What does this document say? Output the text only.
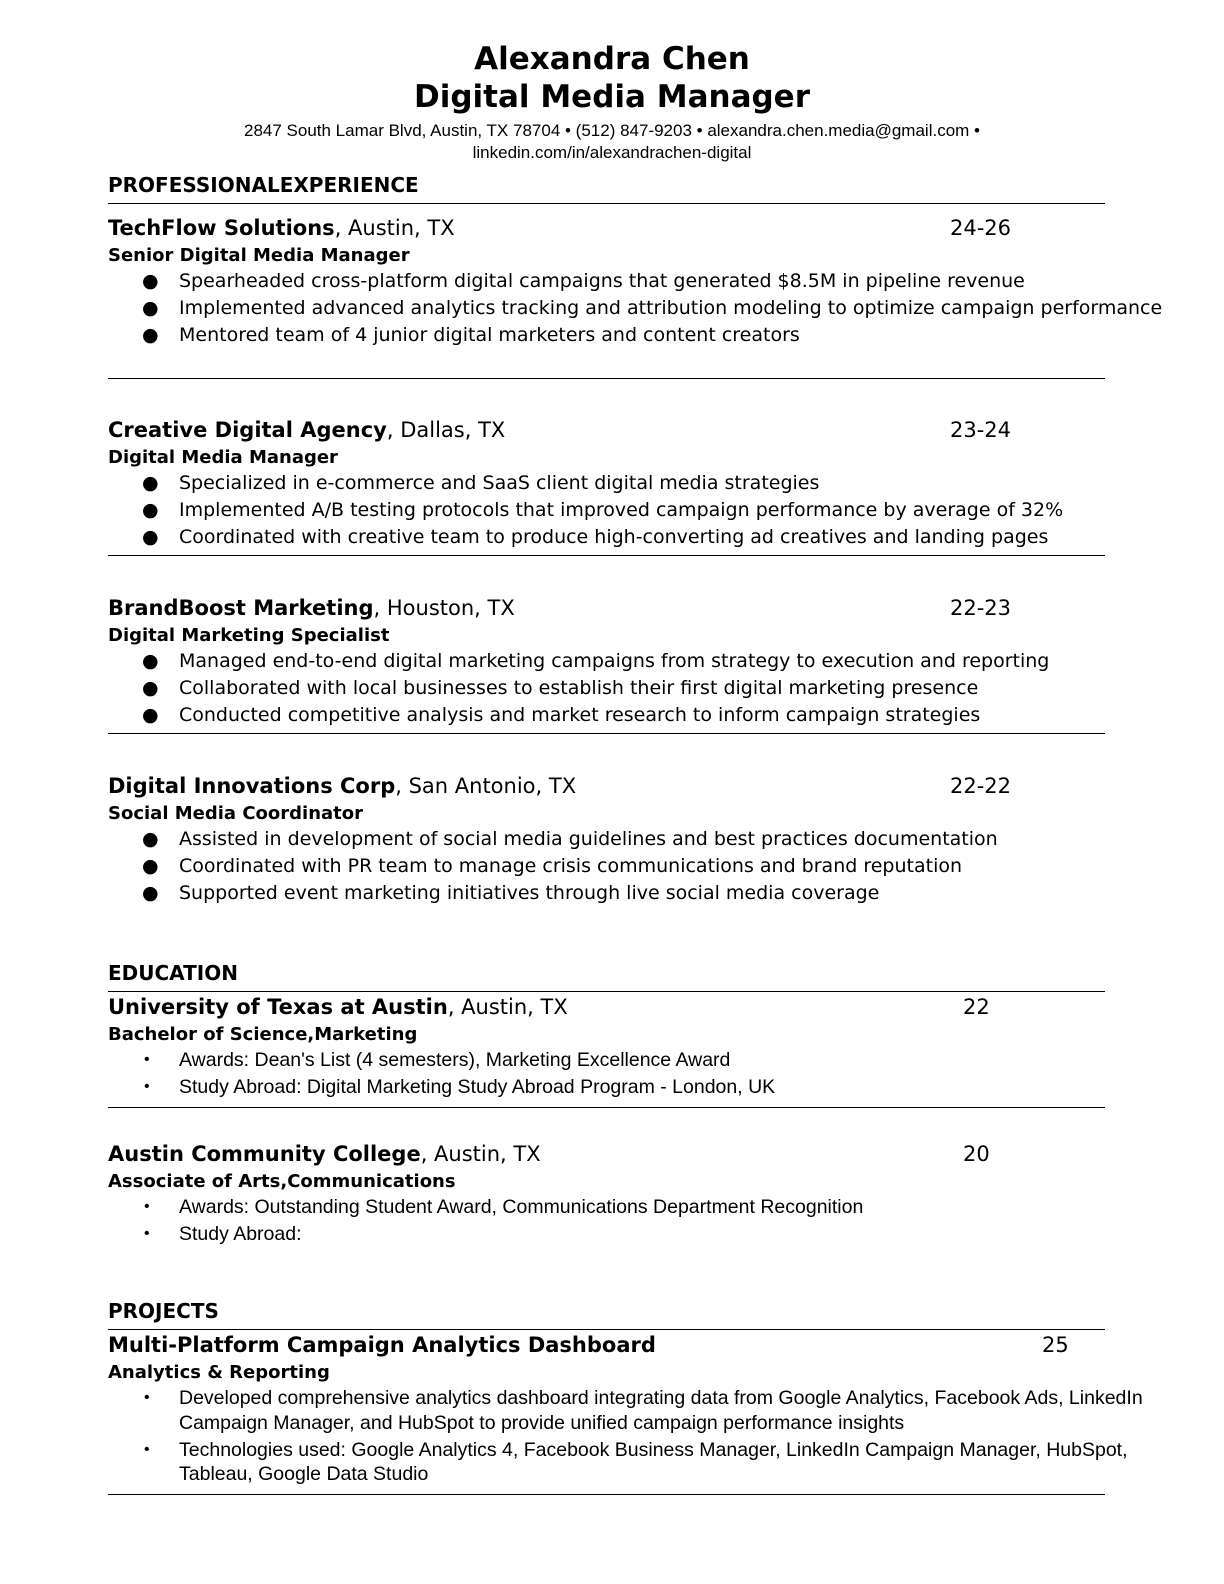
Alexandra Chen
Digital Media Manager
2847 South Lamar Blvd, Austin, TX 78704 • (512) 847-9203 • alexandra.chen.media@gmail.com •
linkedin.com/in/alexandrachen-digital
PROFESSIONALEXPERIENCE
TechFlow Solutions, Austin, TX	24-26
Senior Digital Media Manager
● Spearheaded cross-platform digital campaigns that generated $8.5M in pipeline revenue
● Implemented advanced analytics tracking and attribution modeling to optimize campaign performance
● Mentored team of 4 junior digital marketers and content creators
Creative Digital Agency, Dallas, TX	23-24
Digital Media Manager
● Specialized in e-commerce and SaaS client digital media strategies
● Implemented A/B testing protocols that improved campaign performance by average of 32%
● Coordinated with creative team to produce high-converting ad creatives and landing pages
BrandBoost Marketing, Houston, TX	22-23
Digital Marketing Specialist
● Managed end-to-end digital marketing campaigns from strategy to execution and reporting
● Collaborated with local businesses to establish their first digital marketing presence
● Conducted competitive analysis and market research to inform campaign strategies
Digital Innovations Corp, San Antonio, TX	22-22
Social Media Coordinator
● Assisted in development of social media guidelines and best practices documentation
● Coordinated with PR team to manage crisis communications and brand reputation
● Supported event marketing initiatives through live social media coverage
EDUCATION
University of Texas at Austin, Austin, TX	22
Bachelor of Science,Marketing
• Awards: Dean's List (4 semesters), Marketing Excellence Award
• Study Abroad: Digital Marketing Study Abroad Program - London, UK
Austin Community College, Austin, TX	20
Associate of Arts,Communications
• Awards: Outstanding Student Award, Communications Department Recognition
• Study Abroad:
PROJECTS
Multi-Platform Campaign Analytics Dashboard	25
Analytics & Reporting
• Developed comprehensive analytics dashboard integrating data from Google Analytics, Facebook Ads, LinkedIn Campaign Manager, and HubSpot to provide unified campaign performance insights
• Technologies used: Google Analytics 4, Facebook Business Manager, LinkedIn Campaign Manager, HubSpot, Tableau, Google Data Studio
